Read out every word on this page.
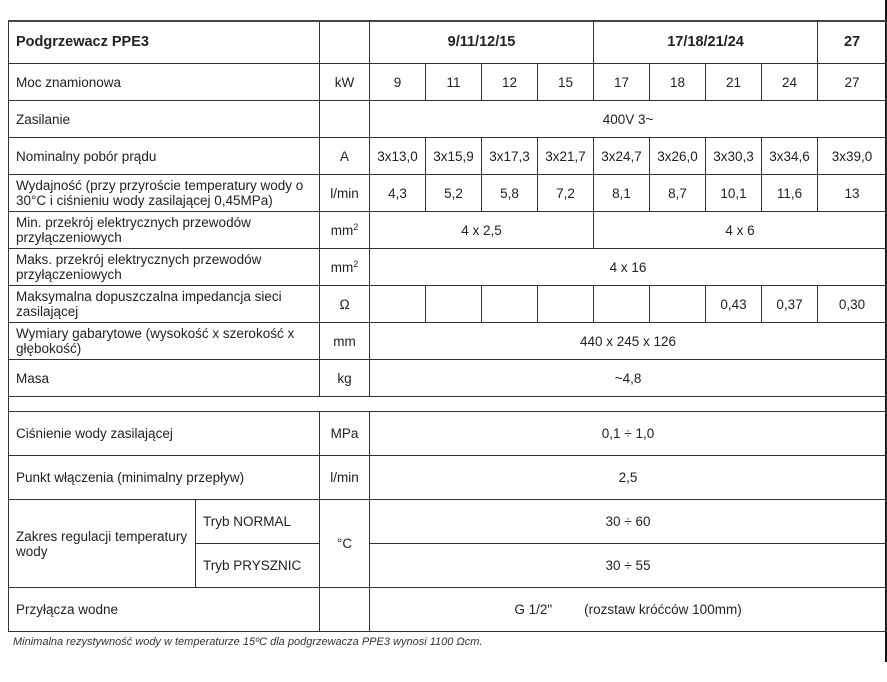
Podgrzewacz PPE3			9/11/12/15				17/18/21/24				27
Moc znamionowa		kW	9	11	12	15	17	18	21	24	27
Zasilanie			400V 3~								
Nominalny pobór prądu		A	3x13,0	3x15,9	3x17,3	3x21,7	3x24,7	3x26,0	3x30,3	3x34,6	3x39,0
Wydajność (przy przyroście temperatury wody o 30°C i ciśnieniu wody zasilającej 0,45MPa)		l/min	4,3	5,2	5,8	7,2	8,1	8,7	10,1	11,6	13
Min. przekrój elektrycznych przewodów przyłączeniowych		$mm^2$	4 x 2,5				4 x 6				
Maks. przekrój elektrycznych przewodów przyłączeniowych		$mm^2$	4 x 16								
Maksymalna dopuszczalna impedancja sieci zasilającej		Ω							0,43	0,37	0,30
Wymiary gabarytowe (wysokość x szerokość x głębokość)		mm	440 x 245 x 126								
Masa		kg	~4,8								

Ciśnienie wody zasilającej		MPa	0,1 ÷ 1,0								
Punkt włączenia (minimalny przepływ)		l/min	2,5								
Zakres regulacji temperatury wody	Tryb NORMAL	°C	30 ÷ 60								
	Tryb PRYSZNIC		30 ÷ 55								
Przyłącza wodne			G 1/2" (rozstaw króćców 100mm)								
Minimalna rezystywność wody w temperaturze 15ºC dla podgrzewacza PPE3 wynosi 1100 Ωcm.
